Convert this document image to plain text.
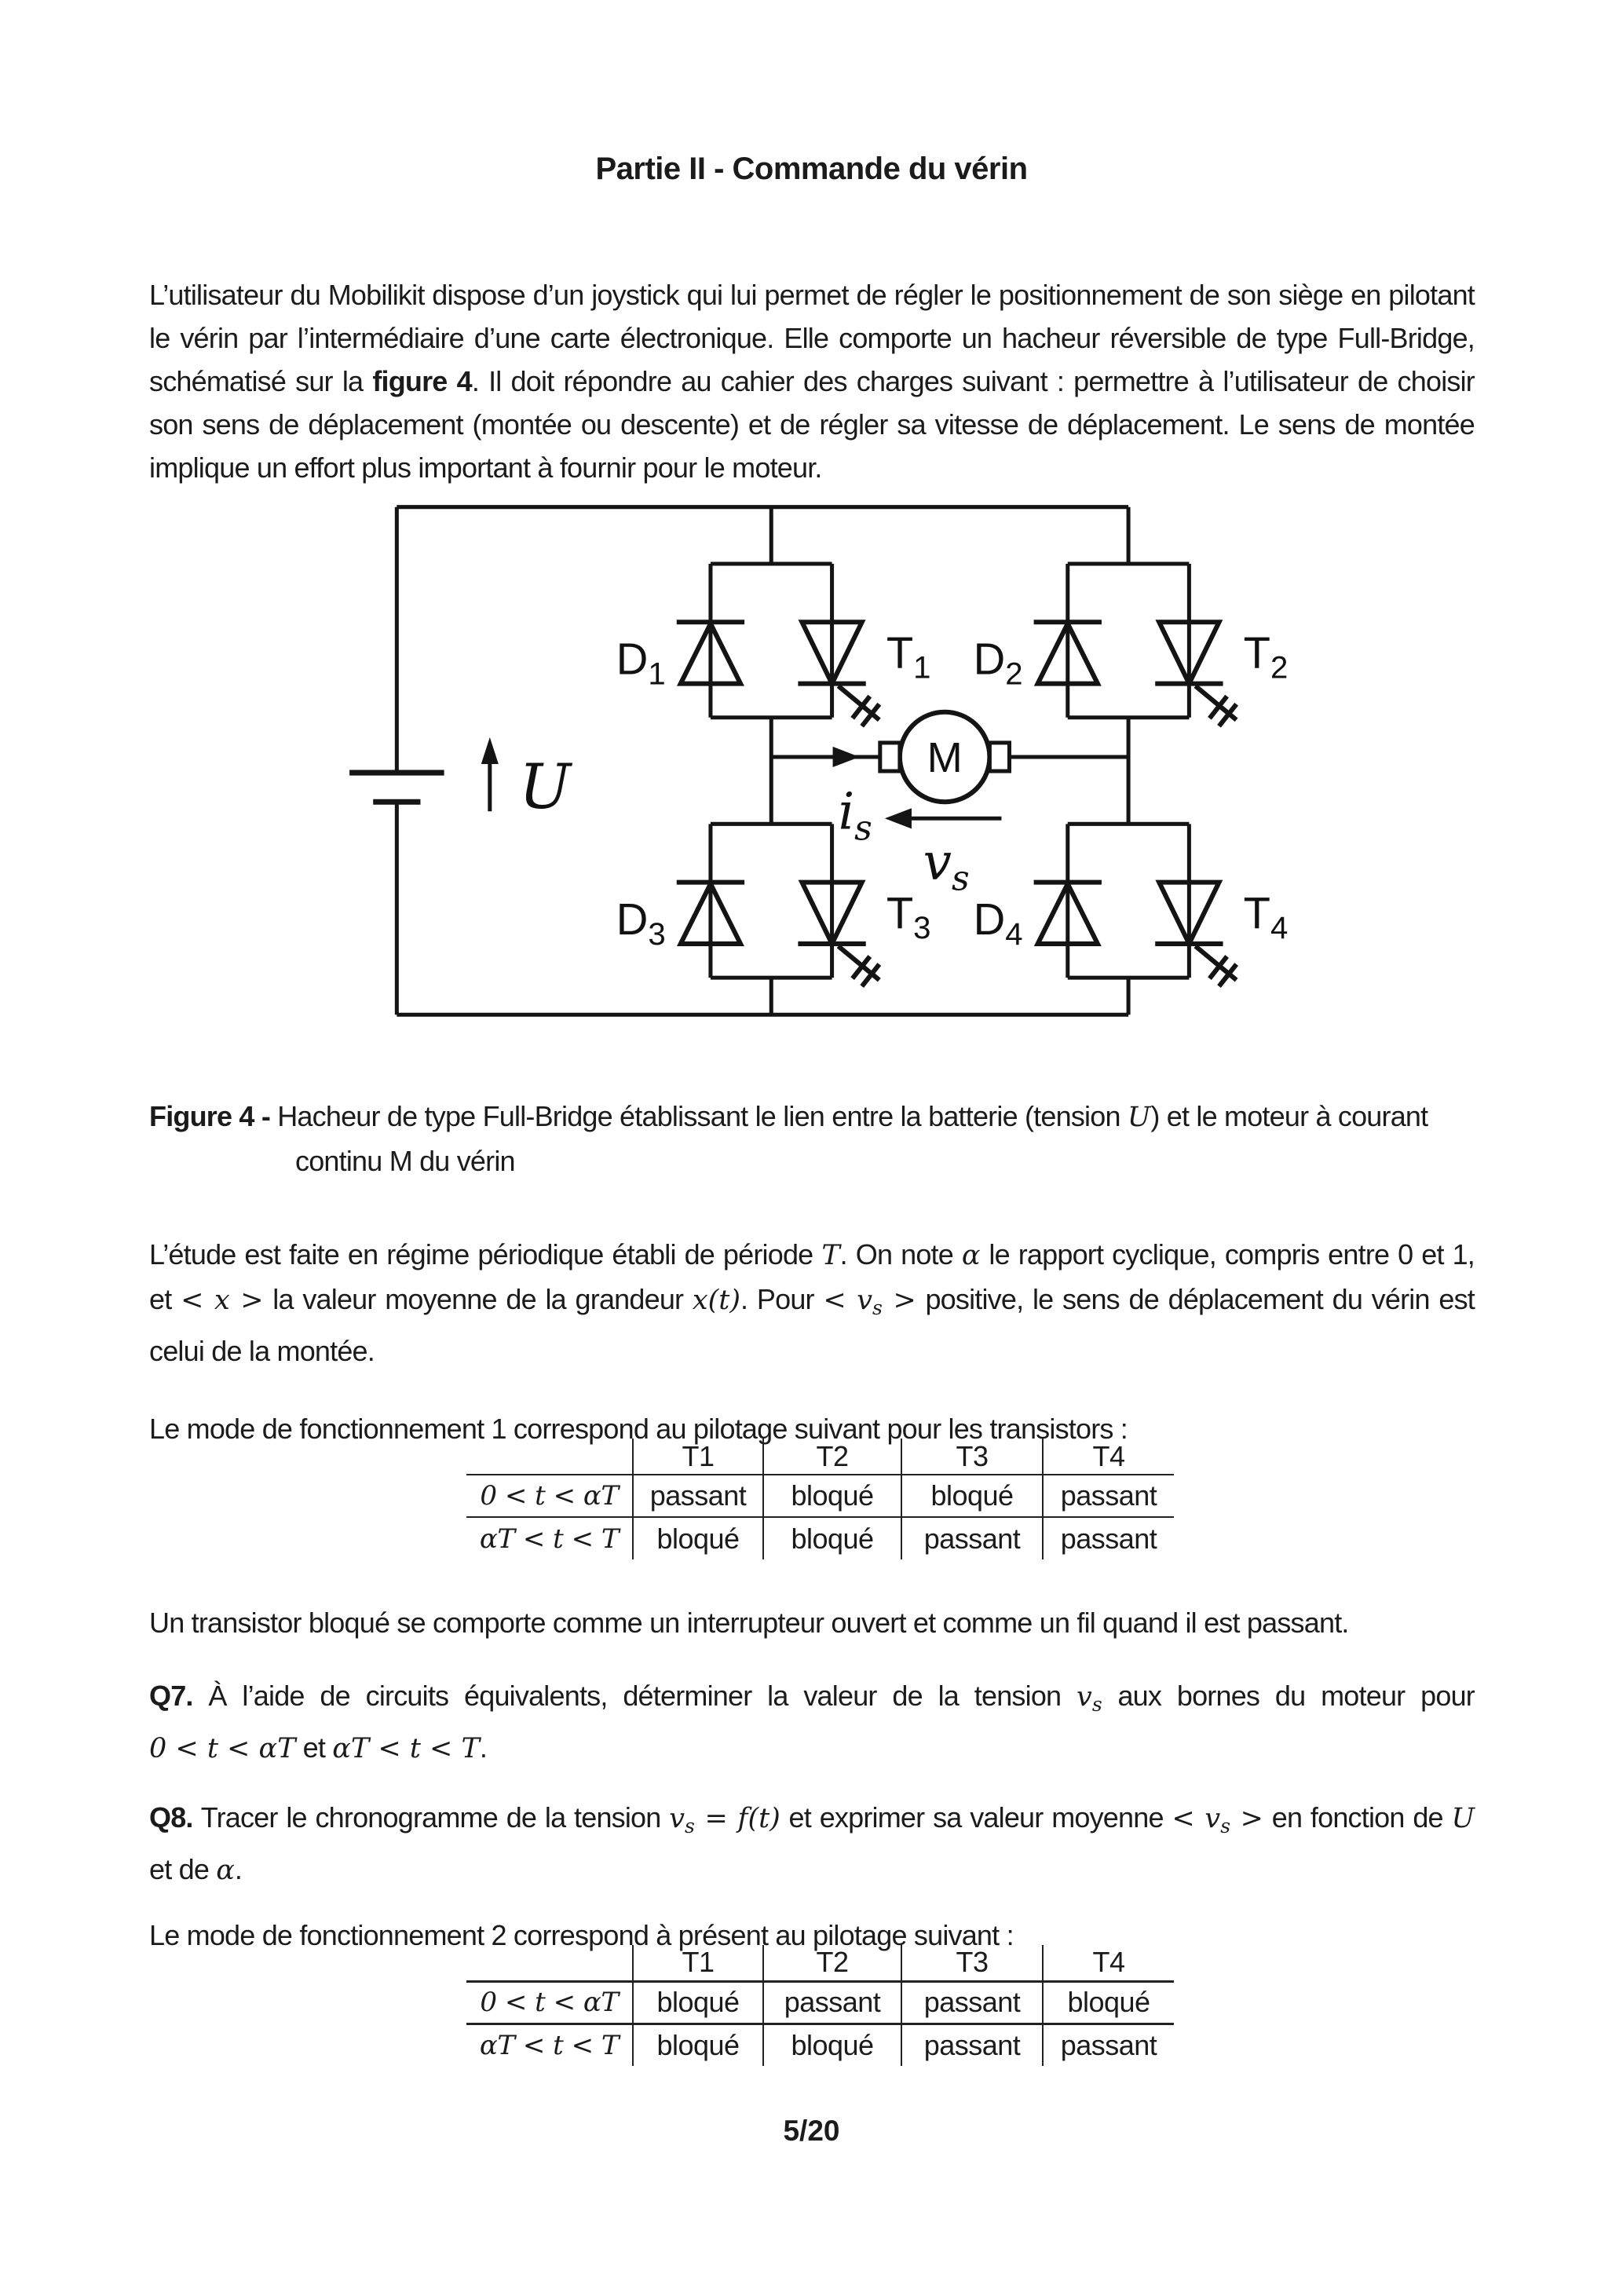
Partie II - Commande du vérin

L’utilisateur du Mobilikit dispose d’un joystick qui lui permet de régler le positionnement de son siège en pilotant le vérin par l’intermédiaire d’une carte électronique. Elle comporte un hacheur réversible de type Full-Bridge, schématisé sur la figure 4. Il doit répondre au cahier des charges suivant : permettre à l’utilisateur de choisir son sens de déplacement (montée ou descente) et de régler sa vitesse de déplacement. Le sens de montée implique un effort plus important à fournir pour le moteur.

U
$D_1$	$T_1$ $D_2$	$T_2$
$D_3$	$T_3$ $D_4$	$T_4$
M
$i_s$
$v_s$

Figure 4 - Hacheur de type Full-Bridge établissant le lien entre la batterie (tension U) et le moteur à courant continu M du vérin

L’étude est faite en régime périodique établi de période T. On note α le rapport cyclique, compris entre 0 et 1, et < x > la valeur moyenne de la grandeur x(t). Pour < vs > positive, le sens de déplacement du vérin est celui de la montée.

Le mode de fonctionnement 1 correspond au pilotage suivant pour les transistors :

	T1	T2	T3	T4
0 < t < αT	passant	bloqué	bloqué	passant
αT < t < T	bloqué	bloqué	passant	passant

Un transistor bloqué se comporte comme un interrupteur ouvert et comme un fil quand il est passant.

Q7. À l’aide de circuits équivalents, déterminer la valeur de la tension vs aux bornes du moteur pour 0 < t < αT et αT < t < T.

Q8. Tracer le chronogramme de la tension vs = f(t) et exprimer sa valeur moyenne < vs > en fonction de U et de α.

Le mode de fonctionnement 2 correspond à présent au pilotage suivant :

	T1	T2	T3	T4
0 < t < αT	bloqué	passant	passant	bloqué
αT < t < T	bloqué	bloqué	passant	passant
5/20
